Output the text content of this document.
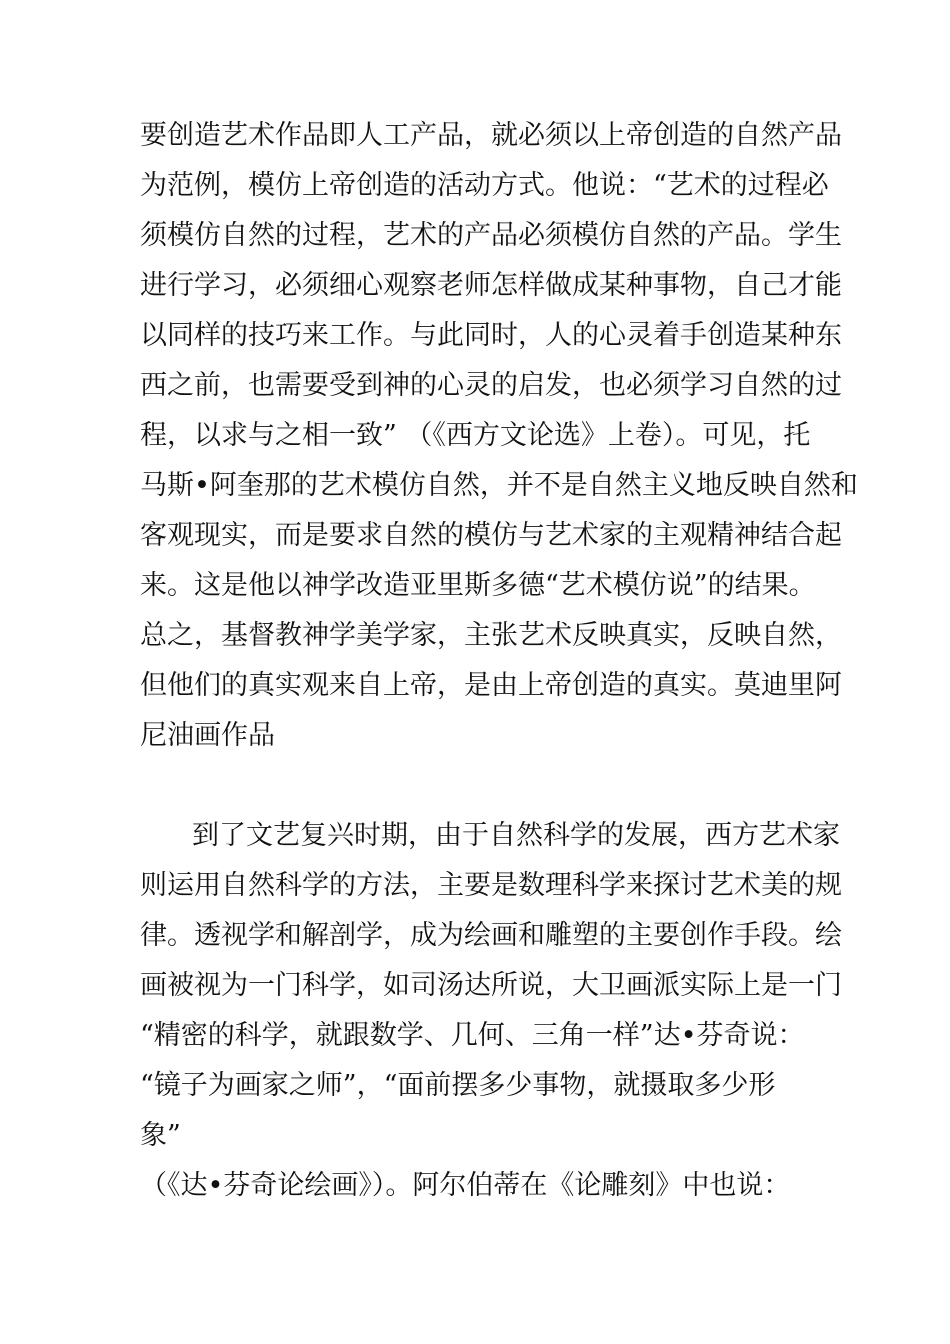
要创造艺术作品即人工产品，就必须以上帝创造的自然产品
为范例，模仿上帝创造的活动方式。他说：“艺术的过程必
须模仿自然的过程，艺术的产品必须模仿自然的产品。学生
进行学习，必须细心观察老师怎样做成某种事物，自己才能
以同样的技巧来工作。与此同时，人的心灵着手创造某种东
西之前，也需要受到神的心灵的启发，也必须学习自然的过
程，以求与之相一致” （《西方文论选》上卷）。可见，托
马斯•阿奎那的艺术模仿自然，并不是自然主义地反映自然和
客观现实，而是要求自然的模仿与艺术家的主观精神结合起
来。这是他以神学改造亚里斯多德“艺术模仿说”的结果。
总之，基督教神学美学家，主张艺术反映真实，反映自然，
但他们的真实观来自上帝，是由上帝创造的真实。莫迪里阿
尼油画作品
到了文艺复兴时期，由于自然科学的发展，西方艺术家
则运用自然科学的方法，主要是数理科学来探讨艺术美的规
律。透视学和解剖学，成为绘画和雕塑的主要创作手段。绘
画被视为一门科学，如司汤达所说，大卫画派实际上是一门
“精密的科学，就跟数学、几何、三角一样”达•芬奇说：
“镜子为画家之师”，“面前摆多少事物，就摄取多少形
象”
（《达•芬奇论绘画》）。阿尔伯蒂在《论雕刻》中也说：
